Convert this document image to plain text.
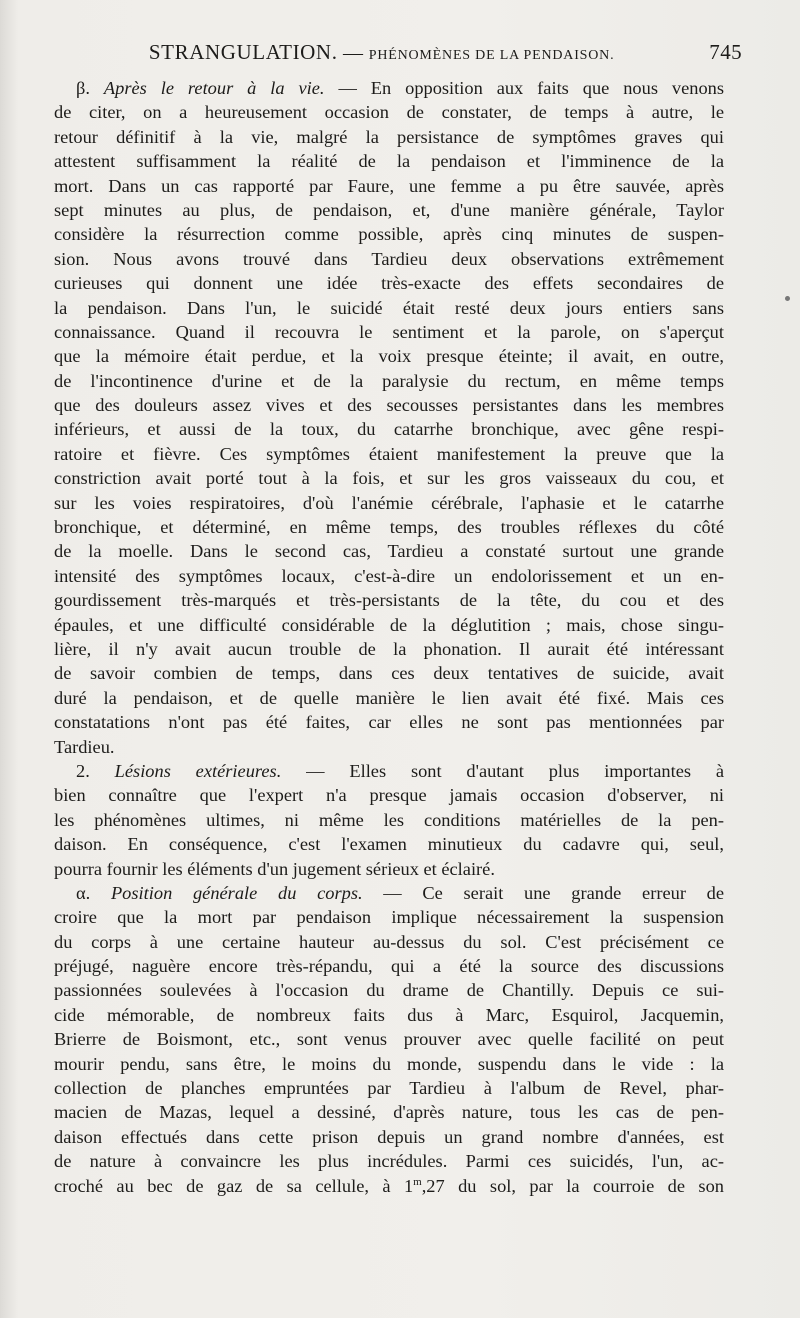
STRANGULATION. — PHÉNOMÈNES DE LA PENDAISON.	745
β. Après le retour à la vie. — En opposition aux faits que nous venons
de citer, on a heureusement occasion de constater, de temps à autre, le
retour définitif à la vie, malgré la persistance de symptômes graves qui
attestent suffisamment la réalité de la pendaison et l'imminence de la
mort. Dans un cas rapporté par Faure, une femme a pu être sauvée, après
sept minutes au plus, de pendaison, et, d'une manière générale, Taylor
considère la résurrection comme possible, après cinq minutes de suspen-
sion. Nous avons trouvé dans Tardieu deux observations extrêmement
curieuses qui donnent une idée très-exacte des effets secondaires de
la pendaison. Dans l'un, le suicidé était resté deux jours entiers sans
connaissance. Quand il recouvra le sentiment et la parole, on s'aperçut
que la mémoire était perdue, et la voix presque éteinte; il avait, en outre,
de l'incontinence d'urine et de la paralysie du rectum, en même temps
que des douleurs assez vives et des secousses persistantes dans les membres
inférieurs, et aussi de la toux, du catarrhe bronchique, avec gêne respi-
ratoire et fièvre. Ces symptômes étaient manifestement la preuve que la
constriction avait porté tout à la fois, et sur les gros vaisseaux du cou, et
sur les voies respiratoires, d'où l'anémie cérébrale, l'aphasie et le catarrhe
bronchique, et déterminé, en même temps, des troubles réflexes du côté
de la moelle. Dans le second cas, Tardieu a constaté surtout une grande
intensité des symptômes locaux, c'est-à-dire un endolorissement et un en-
gourdissement très-marqués et très-persistants de la tête, du cou et des
épaules, et une difficulté considérable de la déglutition ; mais, chose singu-
lière, il n'y avait aucun trouble de la phonation. Il aurait été intéressant
de savoir combien de temps, dans ces deux tentatives de suicide, avait
duré la pendaison, et de quelle manière le lien avait été fixé. Mais ces
constatations n'ont pas été faites, car elles ne sont pas mentionnées par
Tardieu.
2. Lésions extérieures. — Elles sont d'autant plus importantes à
bien connaître que l'expert n'a presque jamais occasion d'observer, ni
les phénomènes ultimes, ni même les conditions matérielles de la pen-
daison. En conséquence, c'est l'examen minutieux du cadavre qui, seul,
pourra fournir les éléments d'un jugement sérieux et éclairé.
α. Position générale du corps. — Ce serait une grande erreur de
croire que la mort par pendaison implique nécessairement la suspension
du corps à une certaine hauteur au-dessus du sol. C'est précisément ce
préjugé, naguère encore très-répandu, qui a été la source des discussions
passionnées soulevées à l'occasion du drame de Chantilly. Depuis ce sui-
cide mémorable, de nombreux faits dus à Marc, Esquirol, Jacquemin,
Brierre de Boismont, etc., sont venus prouver avec quelle facilité on peut
mourir pendu, sans être, le moins du monde, suspendu dans le vide : la
collection de planches empruntées par Tardieu à l'album de Revel, phar-
macien de Mazas, lequel a dessiné, d'après nature, tous les cas de pen-
daison effectués dans cette prison depuis un grand nombre d'années, est
de nature à convaincre les plus incrédules. Parmi ces suicidés, l'un, ac-
croché au bec de gaz de sa cellule, à 1$^m$,27 du sol, par la courroie de son
